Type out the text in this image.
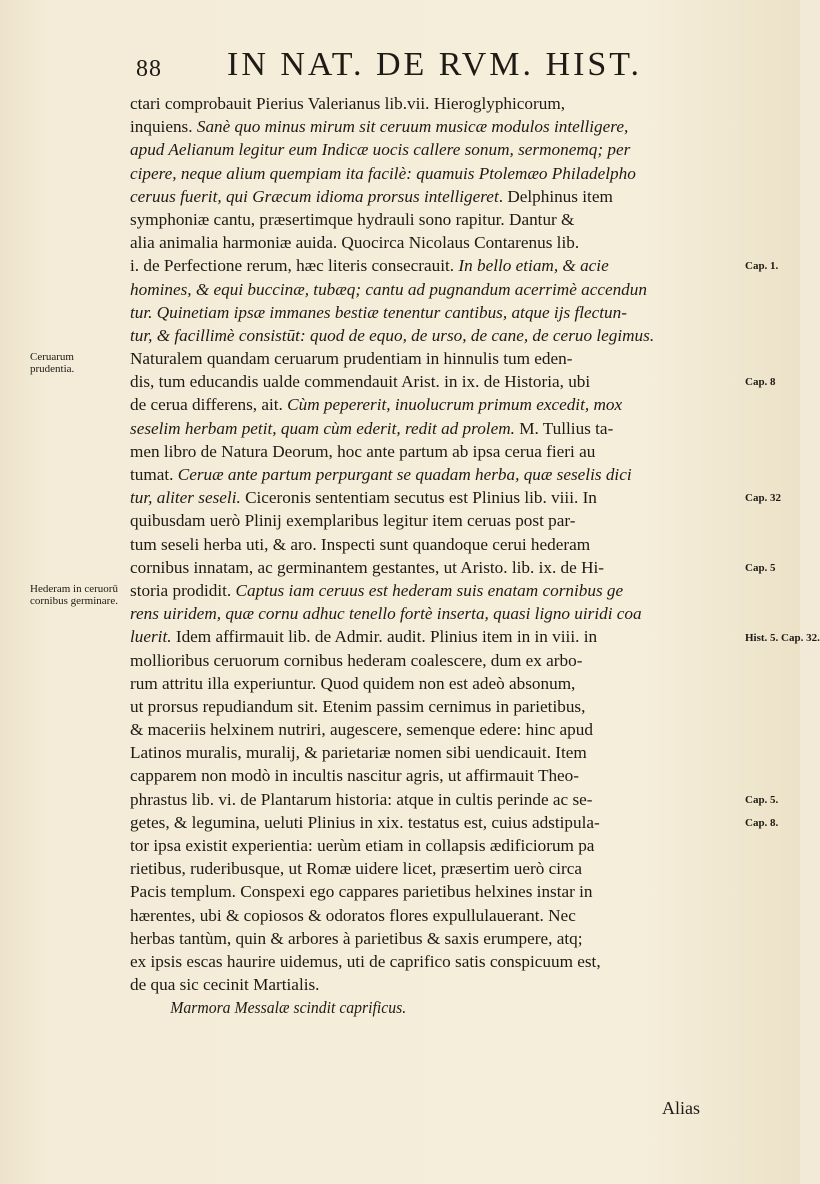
88 IN NAT. DE RVM. HIST.
ctari comprobauit Pierius Valerianus lib.vii. Hieroglyphicorum,
inquiens. Sanè quo minus mirum sit ceruum musicæ modulos intelligere,
apud Aelianum legitur eum Indicæ uocis callere sonum, sermonemq; per
cipere, neque alium quempiam ita facilè: quamuis Ptolemæo Philadelpho
ceruus fuerit, qui Græcum idioma prorsus intelligeret. Delphinus item
symphoniæ cantu, præsertimque hydrauli sono rapitur. Dantur &
alia animalia harmoniæ auida. Quocirca Nicolaus Contarenus lib.
i. de Perfectione rerum, hæc literis consecrauit. In bello etiam, & acie
homines, & equi buccinæ, tubæq; cantu ad pugnandum acerrimè accendun
tur. Quinetiam ipsæ immanes bestiæ tenentur cantibus, atque ijs flectun-
tur, & facillimè consistūt: quod de equo, de urso, de cane, de ceruo legimus.
Naturalem quandam ceruarum prudentiam in hinnulis tum eden-
dis, tum educandis ualde commendauit Arist. in ix. de Historia, ubi
de cerua differens, ait. Cùm pepererit, inuolucrum primum excedit, mox
seselim herbam petit, quam cùm ederit, redit ad prolem. M. Tullius ta-
men libro de Natura Deorum, hoc ante partum ab ipsa cerua fieri au
tumat. Ceruæ ante partum perpurgant se quadam herba, quæ seselis dici
tur, aliter seseli. Ciceronis sententiam secutus est Plinius lib. viii. In
quibusdam uerò Plinij exemplaribus legitur item ceruas post par-
tum seseli herba uti, & aro. Inspecti sunt quandoque cerui hederam
cornibus innatam, ac germinantem gestantes, ut Aristo. lib. ix. de Hi-
storia prodidit. Captus iam ceruus est hederam suis enatam cornibus ge
rens uiridem, quæ cornu adhuc tenello fortè inserta, quasi ligno uiridi coa
luerit. Idem affirmauit lib. de Admir. audit. Plinius item in in viii. in
mollioribus ceruorum cornibus hederam coalescere, dum ex arbo-
rum attritu illa experiuntur. Quod quidem non est adeò absonum,
ut prorsus repudiandum sit. Etenim passim cernimus in parietibus,
& maceriis helxinem nutriri, augescere, semenque edere: hinc apud
Latinos muralis, muralij, & parietariæ nomen sibi uendicauit. Item
capparem non modò in incultis nascitur agris, ut affirmauit Theo-
phrastus lib. vi. de Plantarum historia: atque in cultis perinde ac se-
getes, & legumina, ueluti Plinius in xix. testatus est, cuius adstipula-
tor ipsa existit experientia: uerùm etiam in collapsis ædificiorum pa
rietibus, ruderibusque, ut Romæ uidere licet, præsertim uerò circa
Pacis templum. Conspexi ego cappares parietibus helxines instar in
hærentes, ubi & copiosos & odoratos flores expullulauerant. Nec
herbas tantùm, quin & arbores à parietibus & saxis erumpere, atq;
ex ipsis escas haurire uidemus, uti de caprifico satis conspicuum est,
de qua sic cecinit Martialis.
Marmora Messalæ scindit caprificus.
Ceruarum prudentia.
Hederam in ceruorū cornibus germinare.
Cap. 1.
Cap. 8
Cap. 32
Cap. 5
Hist. 5. Cap. 32.
Cap. 5.
Cap. 8.
Alias
